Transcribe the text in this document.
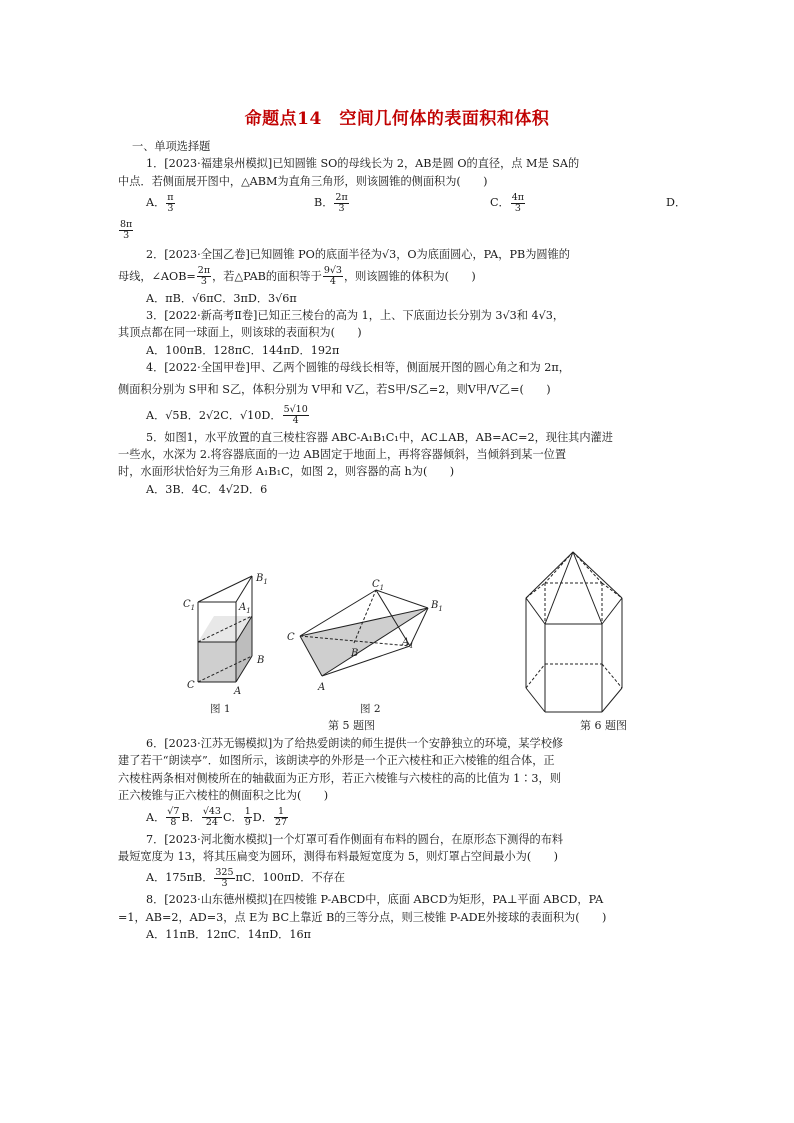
命题点14　空间几何体的表面积和体积
一、单项选择题
1．[2023·福建泉州模拟]已知圆锥 SO的母线长为 2，AB是圆 O的直径，点 M是 SA的
中点．若侧面展开图中，△ABM为直角三角形，则该圆锥的侧面积为(　　)
A． $\frac{\pi}{3}$	B． $\frac{2\pi}{3}$	C． $\frac{4\pi}{3}$	D．
$\frac{8\pi}{3}$
2．[2023·全国乙卷]已知圆锥 PO的底面半径为√3，O为底面圆心，PA，PB为圆锥的
母线，∠AOB= $\frac{2\pi}{3}$ ，若△PAB的面积等于 $\frac{9√3}{4}$ ，则该圆锥的体积为(　　)
A．πB．√6πC．3πD．3√6π
3．[2022·新高考Ⅱ卷]已知正三棱台的高为 1，上、下底面边长分别为 3√3和 4√3，
其顶点都在同一球面上，则该球的表面积为(　　)
A．100πB．128πC．144πD．192π
4．[2022·全国甲卷]甲、乙两个圆锥的母线长相等，侧面展开图的圆心角之和为 2π，
侧面积分别为 S甲和 S乙，体积分别为 V甲和 V乙，若S甲/S乙=2，则V甲/V乙=(　　)
A．√5B．2√2C．√10D． $\frac{5√10}{4}$
5．如图1，水平放置的直三棱柱容器 ABC-A₁B₁C₁中，AC⊥AB，AB=AC=2，现往其内灌进
一些水，水深为 2.将容器底面的一边 AB固定于地面上，再将容器倾斜，当倾斜到某一位置
时，水面形状恰好为三角形 A₁B₁C，如图 2，则容器的高 h为(　　)
A．3B．4C．4√2D．6
$B_1$
$C_1$	$A_1$
B
C
A
图 1
$C_1$
$B_1$
C	$A_1$
B
A
图 2
第 5 题图	第 6 题图
6．[2023·江苏无锡模拟]为了给热爱朗读的师生提供一个安静独立的环境，某学校修
建了若干“朗读亭”．如图所示，该朗读亭的外形是一个正六棱柱和正六棱锥的组合体，正
六棱柱两条相对侧棱所在的轴截面为正方形，若正六棱锥与六棱柱的高的比值为 1∶3，则
正六棱锥与正六棱柱的侧面积之比为(　　)
A． $\frac{√7}{8}$ B． $\frac{√43}{24}$ C． $\frac{1}{9}$ D． $\frac{1}{27}$
7．[2023·河北衡水模拟]一个灯罩可看作侧面有布料的圆台，在原形态下测得的布料
最短宽度为 13，将其压扁变为圆环，测得布料最短宽度为 5，则灯罩占空间最小为(　　)
A．175πB． $\frac{325}{3}$ πC．100πD．不存在
8．[2023·山东德州模拟]在四棱锥 P-ABCD中，底面 ABCD为矩形，PA⊥平面 ABCD，PA
=1，AB=2，AD=3，点 E为 BC上靠近 B的三等分点，则三棱锥 P-ADE外接球的表面积为(　　)
A．11πB．12πC．14πD．16π
